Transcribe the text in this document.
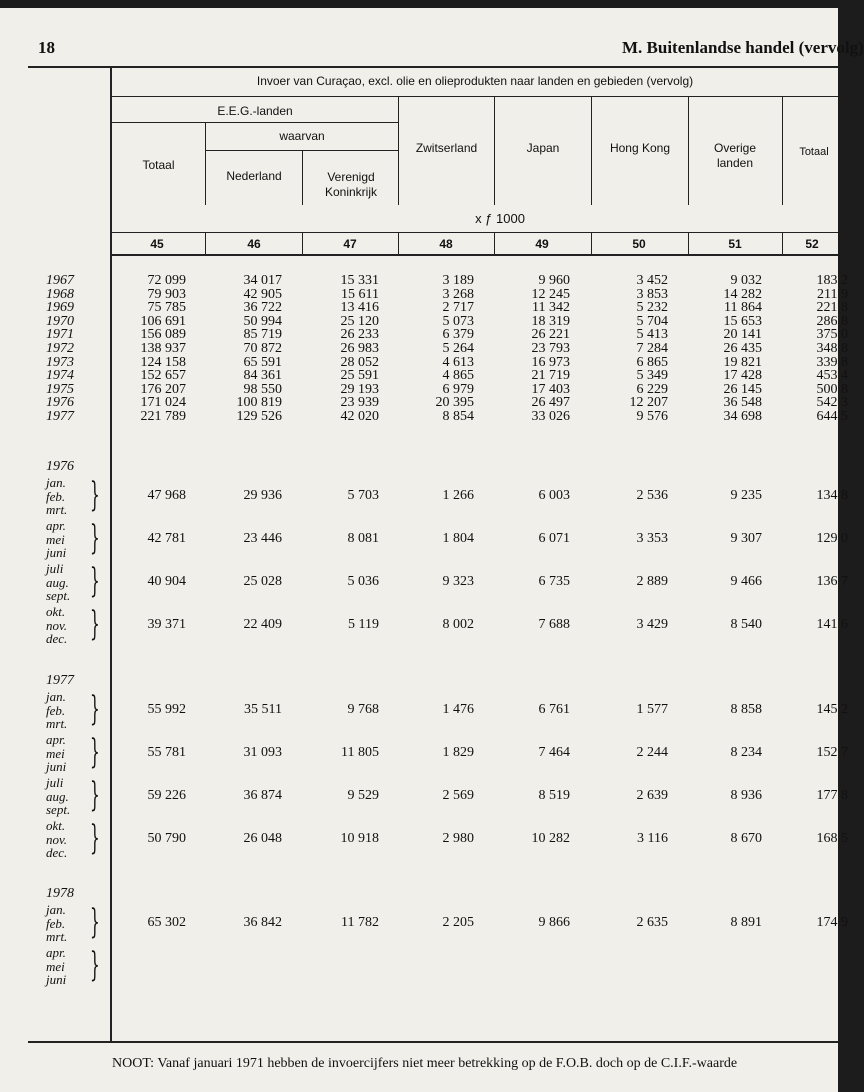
18	M. Buitenlandse handel (vervolg)
Invoer van Curaçao, excl. olie en olieprodukten naar landen en gebieden (vervolg)
E.E.G.-landen
waarvan
Totaal
Nederland	Verenigd Koninkrijk
Zwitserland	Japan	Hong Kong	Overige landen
Totaal
x ƒ 1000
45	46	47	48	49	50	51	52
1967	72 099	34 017	15 331	3 189	9 960	3 452	9 032	183 2
1968	79 903	42 905	15 611	3 268	12 245	3 853	14 282	211 9
1969	75 785	36 722	13 416	2 717	11 342	5 232	11 864	221 8
1970	106 691	50 994	25 120	5 073	18 319	5 704	15 653	286 8
1971	156 089	85 719	26 233	6 379	26 221	5 413	20 141	375 0
1972	138 937	70 872	26 983	5 264	23 793	7 284	26 435	348 8
1973	124 158	65 591	28 052	4 613	16 973	6 865	19 821	339 8
1974	152 657	84 361	25 591	4 865	21 719	5 349	17 428	453 4
1975	176 207	98 550	29 193	6 979	17 403	6 229	26 145	500 8
1976	171 024	100 819	23 939	20 395	26 497	12 207	36 548	542 3
1977	221 789	129 526	42 020	8 854	33 026	9 576	34 698	644 5
1976
jan.
feb.
mrt. }	47 968	29 936	5 703	1 266	6 003	2 536	9 235	134 8
apr.
mei
juni }	42 781	23 446	8 081	1 804	6 071	3 353	9 307	129 0
juli
aug.
sept. }	40 904	25 028	5 036	9 323	6 735	2 889	9 466	136 7
okt.
nov.
dec. }	39 371	22 409	5 119	8 002	7 688	3 429	8 540	141 6
1977
jan.
feb.
mrt. }	55 992	35 511	9 768	1 476	6 761	1 577	8 858	145 2
apr.
mei
juni }	55 781	31 093	11 805	1 829	7 464	2 244	8 234	152 7
juli
aug.
sept. }	59 226	36 874	9 529	2 569	8 519	2 639	8 936	177 8
okt.
nov.
dec. }	50 790	26 048	10 918	2 980	10 282	3 116	8 670	168 5
1978
jan.
feb.
mrt. }	65 302	36 842	11 782	2 205	9 866	2 635	8 891	174 9
apr.
mei
juni }
NOOT: Vanaf januari 1971 hebben de invoercijfers niet meer betrekking op de F.O.B. doch op de C.I.F.-waarde
